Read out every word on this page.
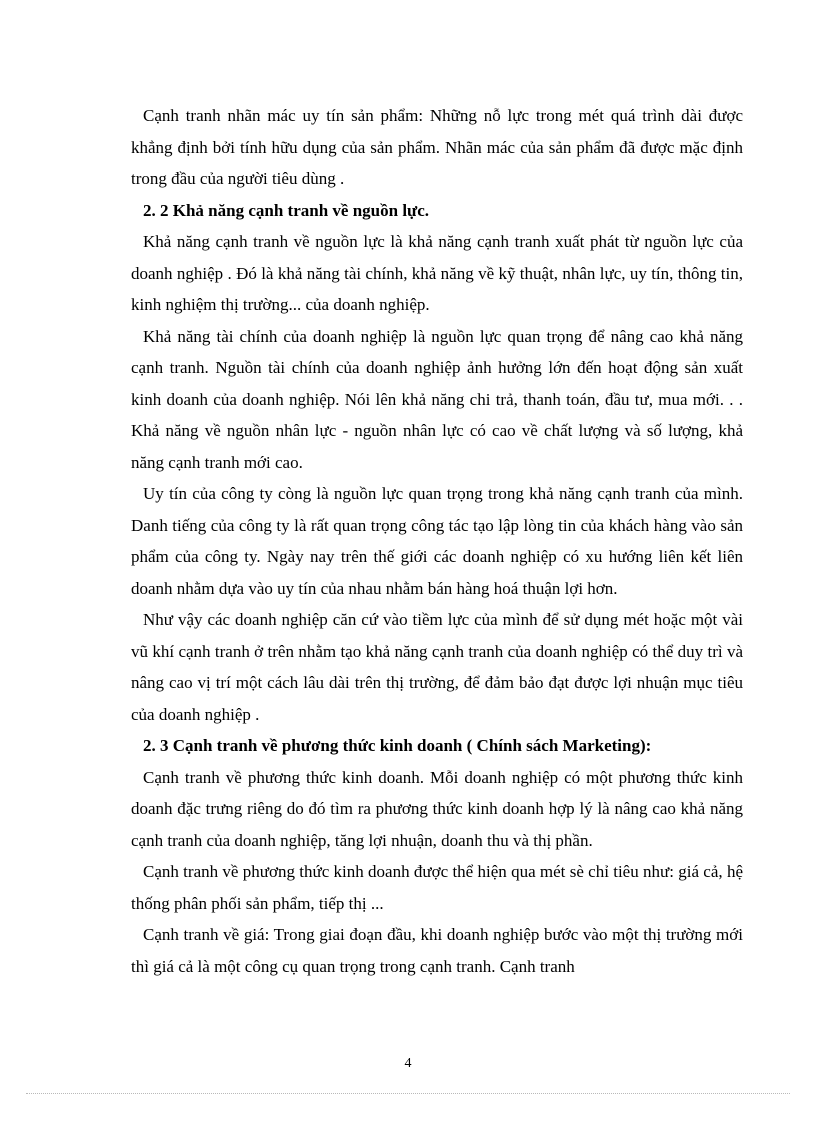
Cạnh tranh nhãn mác uy tín sản phẩm: Những nỗ lực trong mét quá trình dài được khẳng định bởi tính hữu dụng của sản phẩm. Nhãn mác của sản phẩm đã được mặc định trong đầu của người tiêu dùng .

2. 2 Khả năng cạnh tranh về nguồn lực.

Khả năng cạnh tranh về nguồn lực là khả năng cạnh tranh xuất phát từ nguồn lực của doanh nghiệp . Đó là khả năng tài chính, khả năng về kỹ thuật, nhân lực, uy tín, thông tin, kinh nghiệm thị trường... của doanh nghiệp.

Khả năng tài chính của doanh nghiệp là nguồn lực quan trọng để nâng cao khả năng cạnh tranh. Nguồn tài chính của doanh nghiệp ảnh hưởng lớn đến hoạt động sản xuất kinh doanh của doanh nghiệp. Nói lên khả năng chi trả, thanh toán, đầu tư, mua mới. . . Khả năng về nguồn nhân lực - nguồn nhân lực có cao về chất lượng và số lượng, khả năng cạnh tranh mới cao.

Uy tín của công ty còng là nguồn lực quan trọng trong khả năng cạnh tranh của mình. Danh tiếng của công ty là rất quan trọng công tác tạo lập lòng tin của khách hàng vào sản phẩm của công ty. Ngày nay trên thế giới các doanh nghiệp có xu hướng liên kết liên doanh nhằm dựa vào uy tín của nhau nhằm bán hàng hoá thuận lợi hơn.

Như vậy các doanh nghiệp căn cứ vào tiềm lực của mình để sử dụng mét hoặc một vài vũ khí cạnh tranh ở trên nhằm tạo khả năng cạnh tranh của doanh nghiệp có thể duy trì và nâng cao vị trí một cách lâu dài trên thị trường, để đảm bảo đạt được lợi nhuận mục tiêu của doanh nghiệp .

2. 3 Cạnh tranh về phương thức kinh doanh ( Chính sách Marketing):

Cạnh tranh về phương thức kinh doanh. Mỗi doanh nghiệp có một phương thức kinh doanh đặc trưng riêng do đó tìm ra phương thức kinh doanh hợp lý là nâng cao khả năng cạnh tranh của doanh nghiệp, tăng lợi nhuận, doanh thu và thị phần.

Cạnh tranh về phương thức kinh doanh được thể hiện qua mét sè chỉ tiêu như: giá cả, hệ thống phân phối sản phẩm, tiếp thị ...

Cạnh tranh về giá: Trong giai đoạn đầu, khi doanh nghiệp bước vào một thị trường mới thì giá cả là một công cụ quan trọng trong cạnh tranh. Cạnh tranh

4
